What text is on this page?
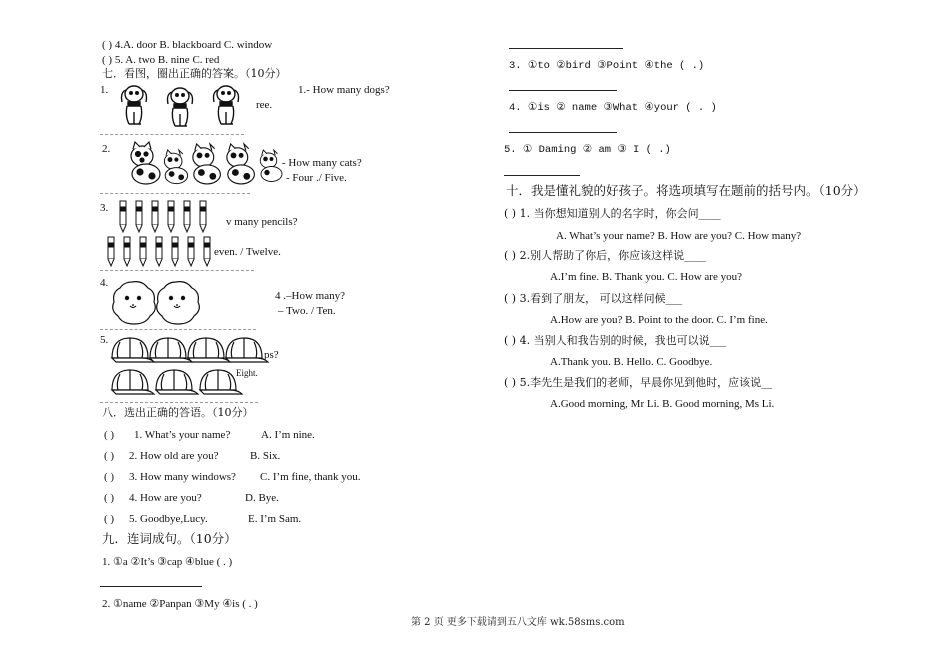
( ) 4.A. door B. blackboard C. window
( ) 5. A. two B. nine C. red
七．看图，圈出正确的答案。（10分）
1.	1.- How many dogs?
ree.
2.
- How many cats?
- Four ./ Five.
3.
v many pencils?
even. / Twelve.
4.
4 .–How many?
– Two. / Ten.
5.
ps?
Eight.
八．选出正确的答语。（10分）
( ) 1. What’s your name?	A. I’m nine.
( ) 2. How old are you?	B. Six.
( ) 3. How many windows? C. I’m fine, thank you.
( ) 4. How are you?	D. Bye.
( ) 5. Goodbye,Lucy.	E. I’m Sam.
九．连词成句。（10分）
1. ①a ②It’s ③cap ④blue ( . )
2. ①name ②Panpan ③My ④is ( . )
3. ①to ②bird ③Point ④the ( .)
4. ①is ② name ③What ④your ( . )
5. ① Daming ② am ③ I ( .)
十．我是懂礼貌的好孩子。将选项填写在题前的括号内。（10分）
( ) 1. 当你想知道别人的名字时，你会问____
A. What’s your name? B. How are you? C. How many?
( ) 2.别人帮助了你后，你应该这样说____
A.I’m fine. B. Thank you. C. How are you?
( ) 3.看到了朋友， 可以这样问候___
A.How are you? B. Point to the door. C. I’m fine.
( ) 4. 当别人和我告别的时候，我也可以说___
A.Thank you. B. Hello. C. Goodbye.
( ) 5.李先生是我们的老师，早晨你见到他时，应该说__
A.Good morning, Mr Li. B. Good morning, Ms Li.
第 2 页 更多下载请到五八文库 wk.58sms.com
